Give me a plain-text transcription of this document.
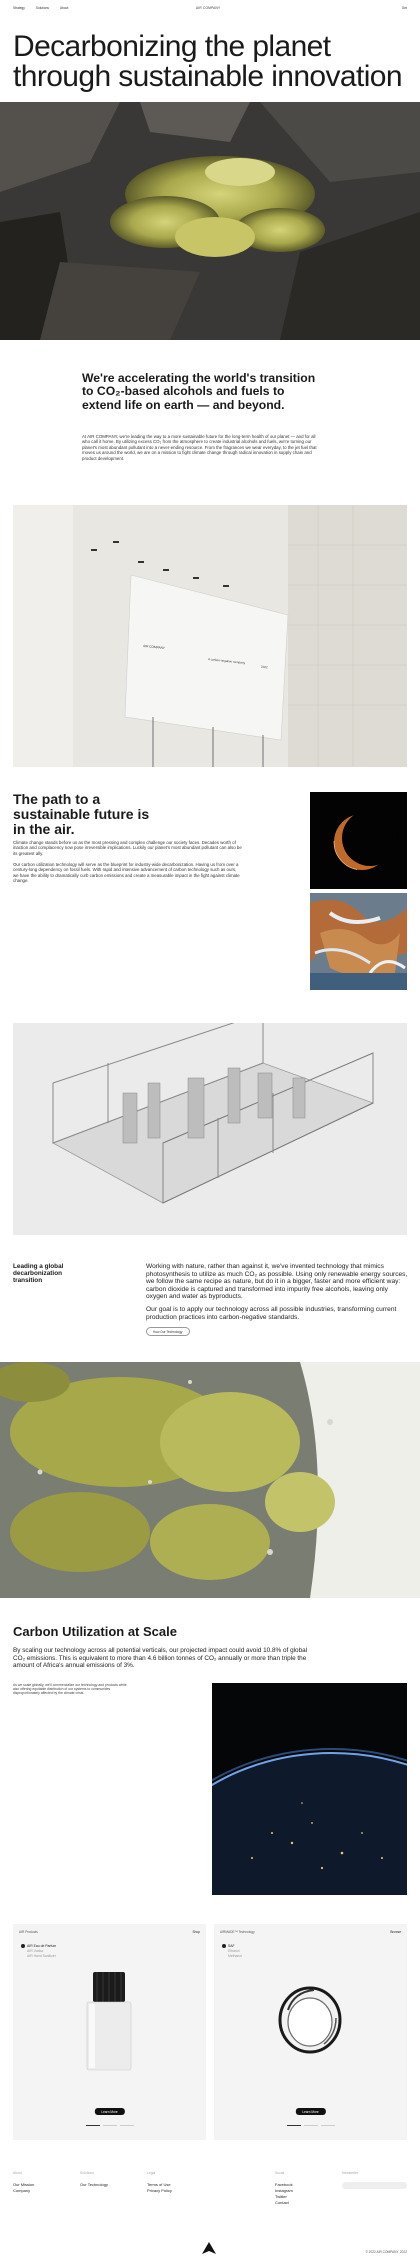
Strategy	Solutions	About	AIR COMPANY	Get
Decarbonizing the planet through sustainable innovation
We're accelerating the world's transition to CO₂-based alcohols and fuels to extend life on earth — and beyond.

At AIR COMPANY, we're leading the way to a more sustainable future for the long-term health of our planet — and for all who call it home. By utilizing excess CO₂ from the atmosphere to create industrial alcohols and fuels, we're turning our planet's most abundant pollutant into a never-ending resource. From the fragrances we wear everyday, to the jet fuel that moves us around the world, we are on a mission to fight climate change through radical innovation in supply chain and product development.

AIR COMPANY
A carbon-negative company
2022
The path to a sustainable future is in the air.

Climate change stands before us as the most pressing and complex challenge our society faces. Decades worth of inaction and complacency now pose irreversible implications. Luckily our planet's most abundant pollutant can also be its greatest ally.

Our carbon utilization technology will serve as the blueprint for industry-wide decarbonization. Having us from over a century-long dependency on fossil fuels. With rapid and intensive advancement of carbon technology such as ours, we have the ability to dramatically curb carbon emissions and create a measurable impact in the fight against climate change.

Leading a global decarbonization transition

Working with nature, rather than against it, we've invented technology that mimics photosynthesis to utilize as much CO₂ as possible. Using only renewable energy sources, we follow the same recipe as nature, but do it in a bigger, faster and more efficient way: carbon dioxide is captured and transformed into impurity free alcohols, leaving only oxygen and water as byproducts.

Our goal is to apply our technology across all possible industries, transforming current production practices into carbon-negative standards.

How Our Technology
Carbon Utilization at Scale

By scaling our technology across all potential verticals, our projected impact could avoid 10.8% of global CO₂ emissions. This is equivalent to more than 4.6 billion tonnes of CO₂ annually or more than triple the amount of Africa's annual emissions of 3%.

As we scale globally, we'll commercialize our technology and products while also offering equitable distribution of our systems to communities disproportionately affected by the climate crisis.

AIR Products	Shop
AIR Eau de Parfum
AIR Vodka
AIR Hand Sanitizer
Learn More
AIRMADE™ Technology	Browse
SAF
Ethanol
Methanol
Learn More
About
Our Mission
Company
Solutions
Our Technology
Legal
Terms of Use
Privacy Policy
Social
Facebook
Instagram
Twitter
Contact
Newsletter
© 2022 AIR COMPANY. 2022
